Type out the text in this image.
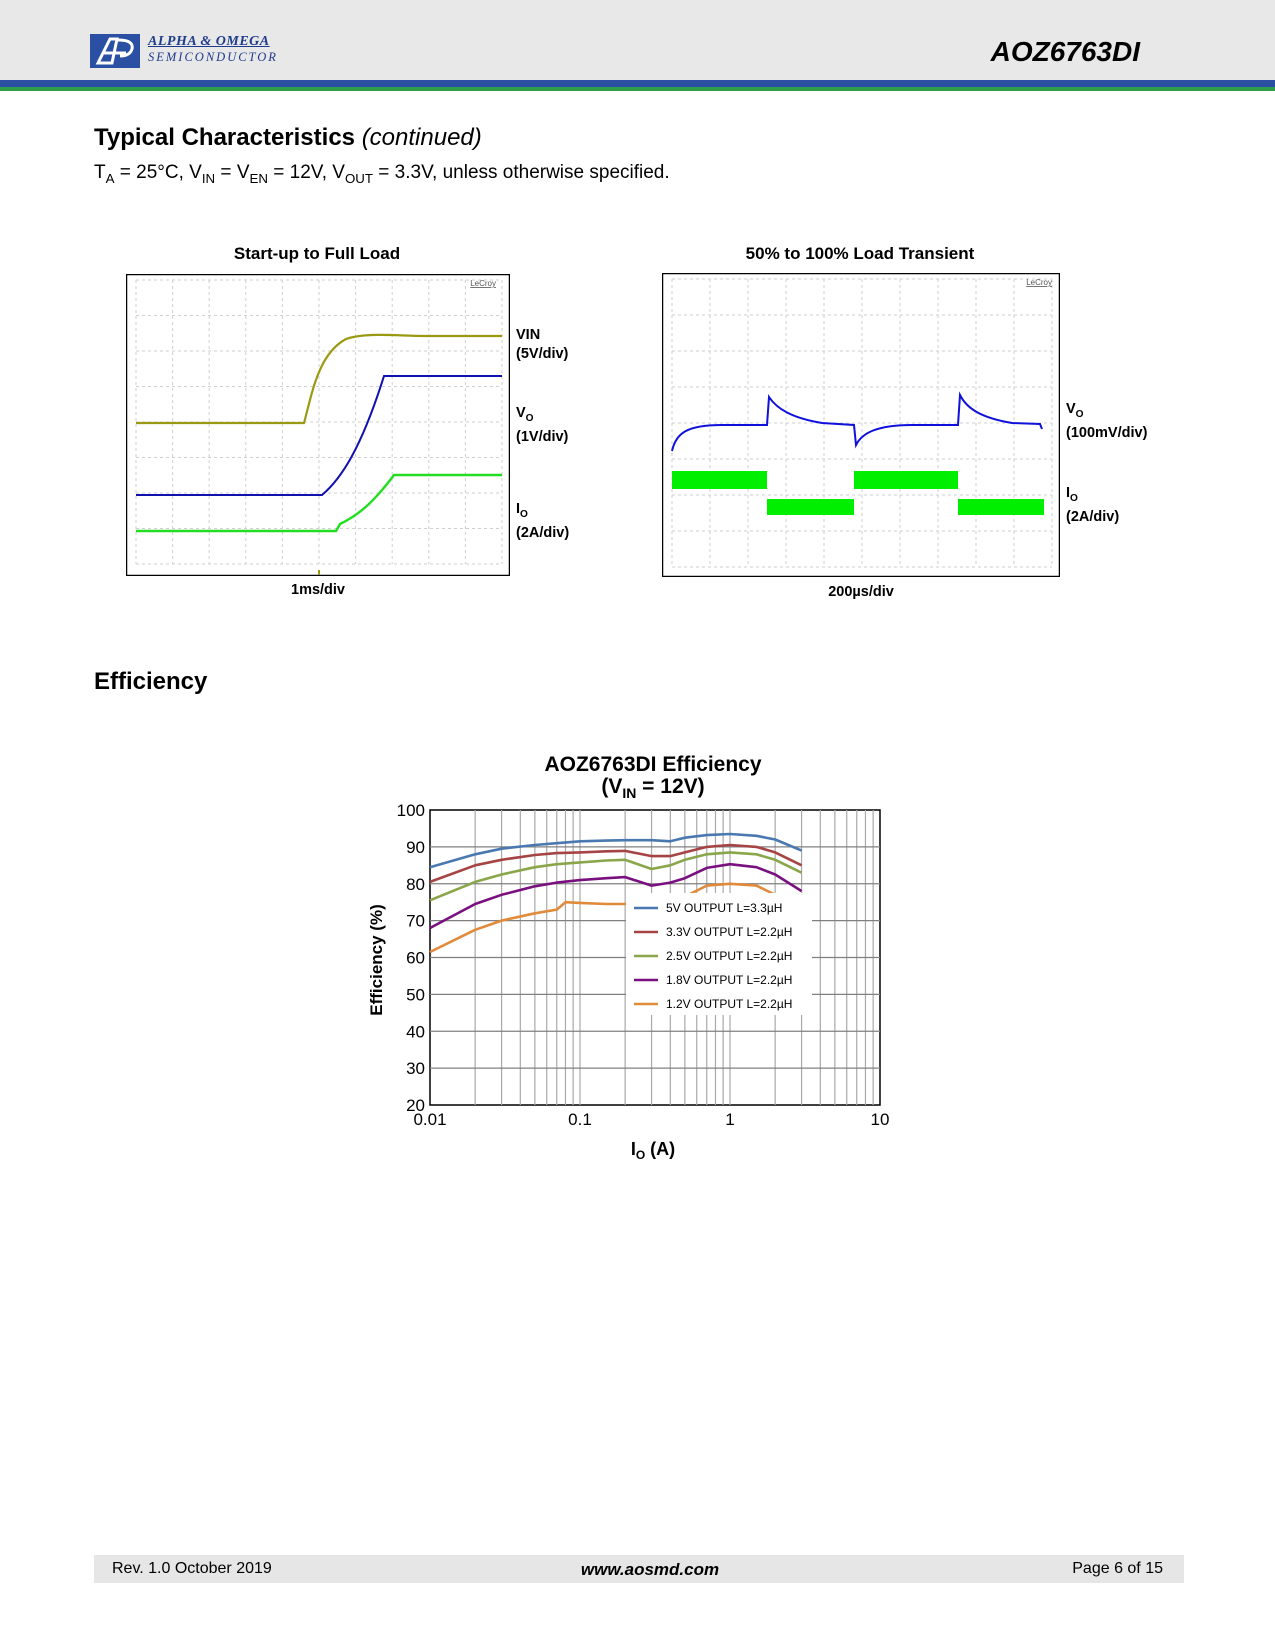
ALPHA & OMEGA
SEMICONDUCTOR	AOZ6763DI
Typical Characteristics (continued)
$T_A = 25^\circ C$, $V_{IN} = V_{EN} = 12V$, $V_{OUT} = 3.3V$, unless otherwise specified.
Start-up to Full Load
LeCroy
VIN
(5V/div)
$V_O$
(1V/div)
$I_O$
(2A/div)
1ms/div
50% to 100% Load Transient
LeCroy
$V_O$
(100mV/div)
$I_O$
(2A/div)
200µs/div
Efficiency
AOZ6763DI Efficiency
$(V_{IN} = 12V)$
20
30
40
50
60
70
80
90
100
0.01	0.1	1	10
5V OUTPUT L=3.3µH
3.3V OUTPUT L=2.2µH
2.5V OUTPUT L=2.2µH
1.8V OUTPUT L=2.2µH
1.2V OUTPUT L=2.2µH
$I_O$ (A)
Efficiency (%)
Rev. 1.0 October 2019	www.aosmd.com	Page 6 of 15
